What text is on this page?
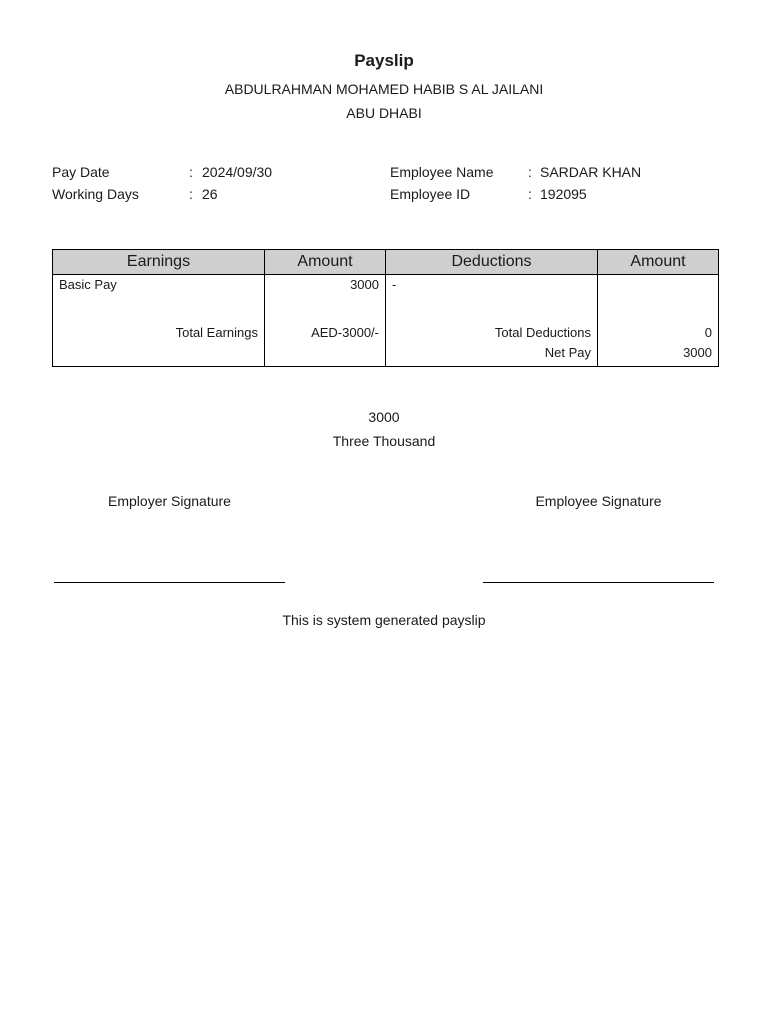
Payslip
ABDULRAHMAN MOHAMED HABIB S AL JAILANI
ABU DHABI
Pay Date	: 2024/09/30
Working Days	: 26
Employee Name : SARDAR KHAN
Employee ID	: 192095
Earnings	Amount	Deductions	Amount
Basic Pay	3000	-	
Total Earnings	AED-3000/-	Total Deductions	0
		Net Pay	3000
3000
Three Thousand
Employer Signature	Employee Signature
This is system generated payslip
